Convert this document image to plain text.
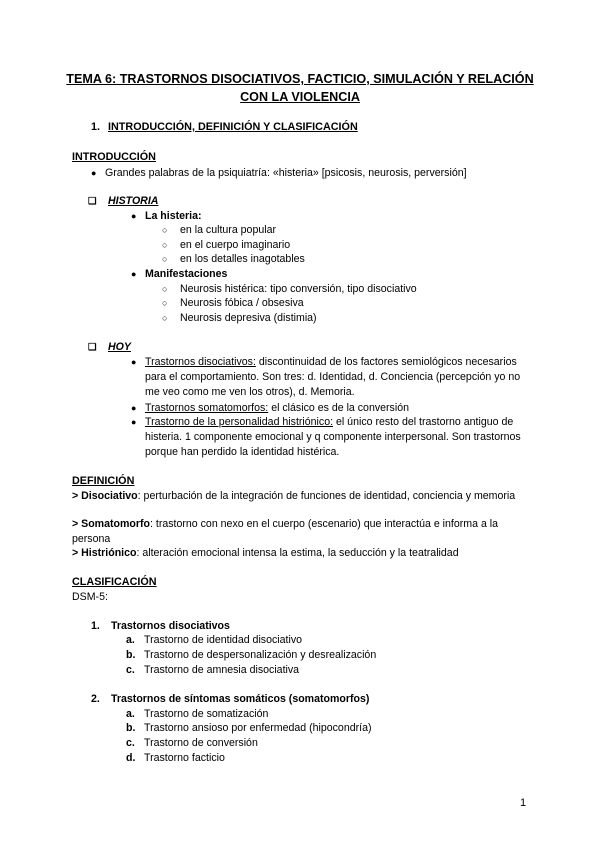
TEMA 6: TRASTORNOS DISOCIATIVOS, FACTICIO, SIMULACIÓN Y RELACIÓN CON LA VIOLENCIA
1. INTRODUCCIÓN, DEFINICIÓN Y CLASIFICACIÓN
INTRODUCCIÓN
● Grandes palabras de la psiquiatría: «histeria» [psicosis, neurosis, perversión]
❏ HISTORIA
● La histeria:
○ en la cultura popular
○ en el cuerpo imaginario
○ en los detalles inagotables
● Manifestaciones
○ Neurosis histérica: tipo conversión, tipo disociativo
○ Neurosis fóbica / obsesiva
○ Neurosis depresiva (distimia)
❏ HOY
● Trastornos disociativos: discontinuidad de los factores semiológicos necesarios para el comportamiento. Son tres: d. Identidad, d. Conciencia (percepción yo no me veo como me ven los otros), d. Memoria.
● Trastornos somatomorfos: el clásico es de la conversión
● Trastorno de la personalidad histriónico: el único resto del trastorno antiguo de histeria. 1 componente emocional y q componente interpersonal. Son trastornos porque han perdido la identidad histérica.
DEFINICIÓN
> Disociativo: perturbación de la integración de funciones de identidad, conciencia y memoria
> Somatomorfo: trastorno con nexo en el cuerpo (escenario) que interactúa e informa a la persona
> Histriónico: alteración emocional intensa la estima, la seducción y la teatralidad
CLASIFICACIÓN
DSM-5:
1. Trastornos disociativos
a. Trastorno de identidad disociativo
b. Trastorno de despersonalización y desrealización
c. Trastorno de amnesia disociativa
2. Trastornos de síntomas somáticos (somatomorfos)
a. Trastorno de somatización
b. Trastorno ansioso por enfermedad (hipocondría)
c. Trastorno de conversión
d. Trastorno facticio
1
